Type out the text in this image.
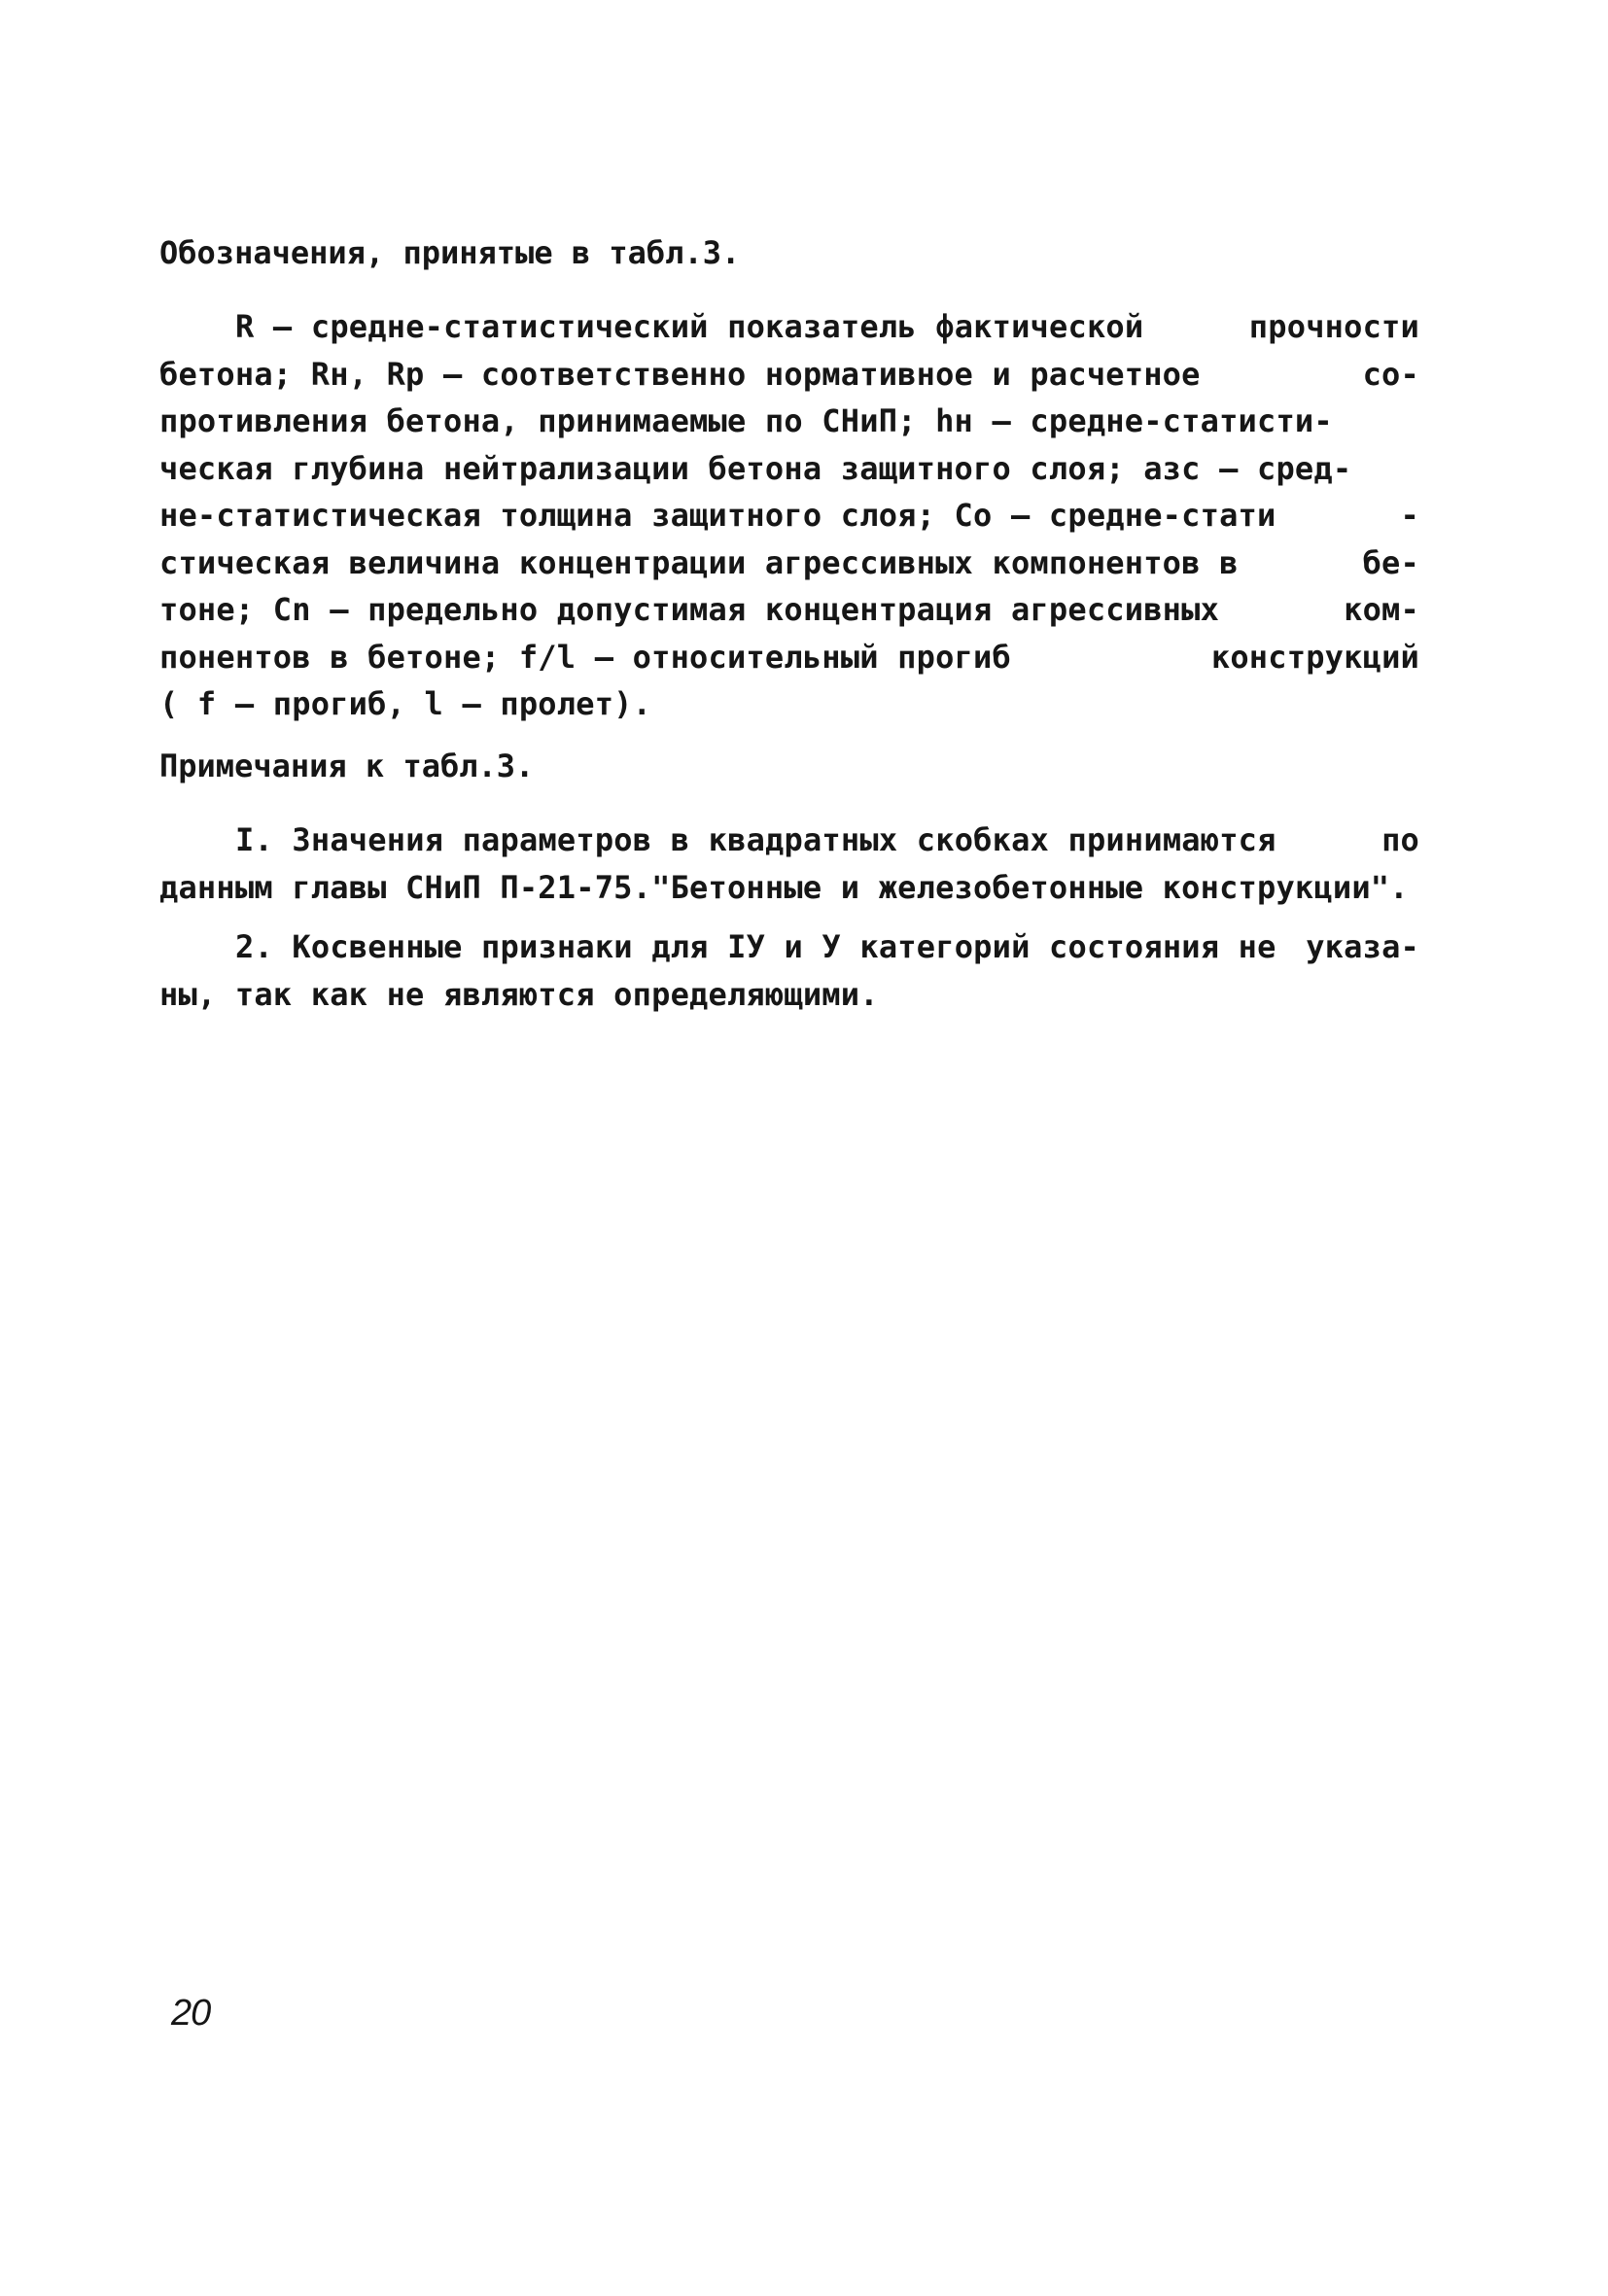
Обозначения, принятые в табл.3.
R – средне-статистический показатель фактической	прочности
бетона; Rн, Rр – соответственно нормативное и расчетное	со-
противления бетона, принимаемые по СНиП; hн – средне-статисти-
ческая глубина нейтрализации бетона защитного слоя; азс – сред-
не-статистическая толщина защитного слоя; Co – средне-стати	-
стическая величина концентрации агрессивных компонентов в	бе-
тоне; Cn – предельно допустимая концентрация агрессивных	ком-
понентов в бетоне; f/l – относительный прогиб	конструкций
( f – прогиб, l – пролет).
Примечания к табл.3.
I. Значения параметров в квадратных скобках принимаются	по
данным главы СНиП П-21-75."Бетонные и железобетонные конструкции".
2. Косвенные признаки для IУ и У категорий состояния не указа-
ны, так как не являются определяющими.
20
